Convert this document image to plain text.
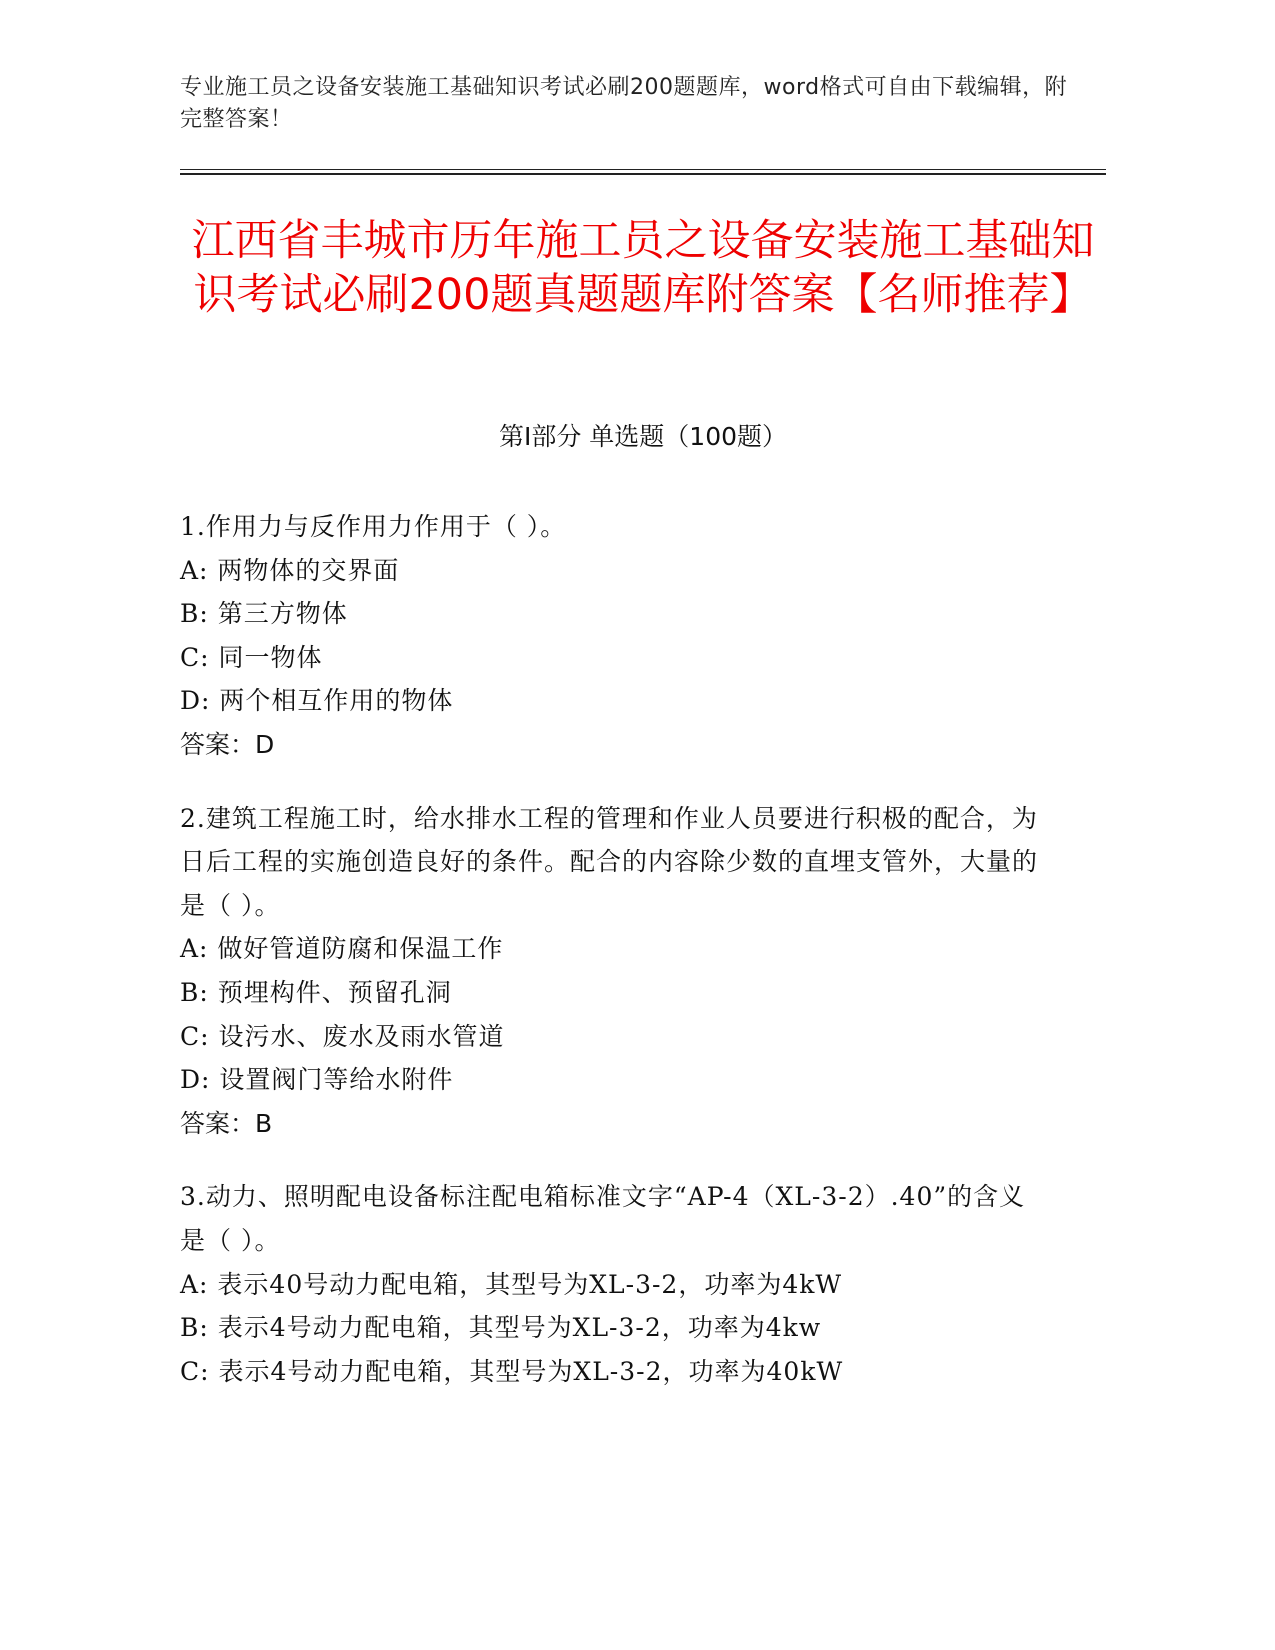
专业施工员之设备安装施工基础知识考试必刷200题题库，word格式可自由下载编辑，附完整答案！
江西省丰城市历年施工员之设备安装施工基础知识考试必刷200题真题题库附答案【名师推荐】
第I部分 单选题（100题）

1.作用力与反作用力作用于（ ）。

A: 两物体的交界面

B: 第三方物体

C: 同一物体

D: 两个相互作用的物体

答案：D

2.建筑工程施工时，给水排水工程的管理和作业人员要进行积极的配合，为日后工程的实施创造良好的条件。配合的内容除少数的直埋支管外，大量的是（ ）。

A: 做好管道防腐和保温工作

B: 预埋构件、预留孔洞

C: 设污水、废水及雨水管道

D: 设置阀门等给水附件

答案：B

3.动力、照明配电设备标注配电箱标准文字“AP-4（XL-3-2）.40”的含义是（ ）。

A: 表示40号动力配电箱，其型号为XL-3-2，功率为4kW

B: 表示4号动力配电箱，其型号为XL-3-2，功率为4kw

C: 表示4号动力配电箱，其型号为XL-3-2，功率为40kW
